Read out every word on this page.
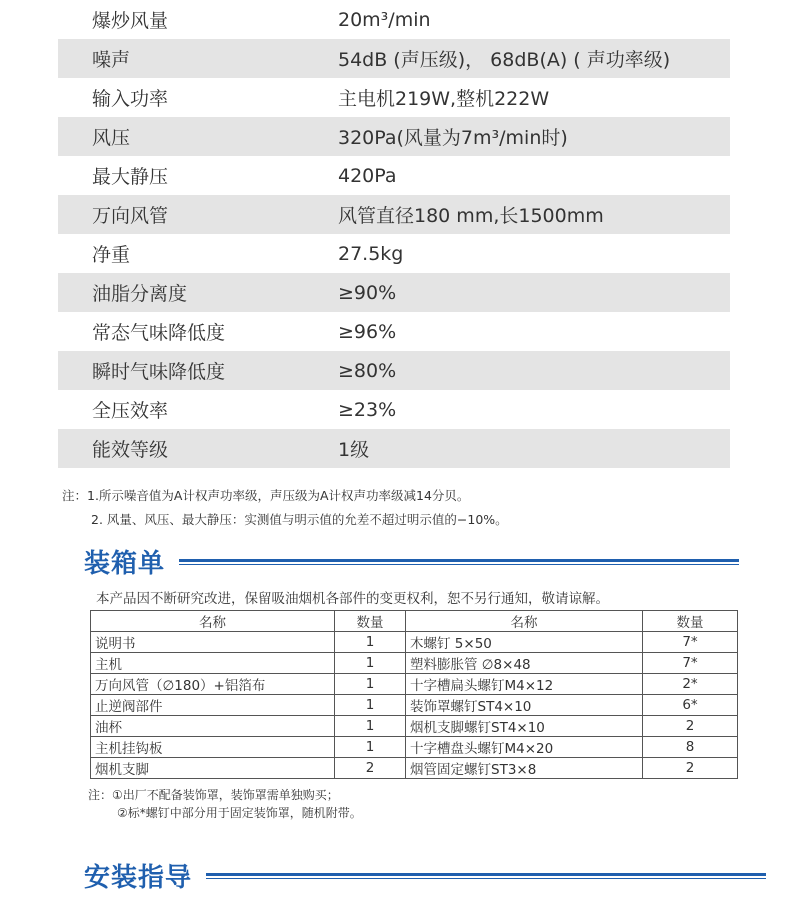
爆炒风量	20m³/min
噪声	54dB (声压级)， 68dB(A) ( 声功率级)
输入功率	主电机219W,整机222W
风压	320Pa(风量为7m³/min时)
最大静压	420Pa
万向风管	风管直径180 mm,长1500mm
净重	27.5kg
油脂分离度	≥90%
常态气味降低度	≥96%
瞬时气味降低度	≥80%
全压效率	≥23%
能效等级	1级
注：1.所示噪音值为A计权声功率级，声压级为A计权声功率级减14分贝。
2. 风量、风压、最大静压：实测值与明示值的允差不超过明示值的−10%。
装箱单
本产品因不断研究改进，保留吸油烟机各部件的变更权利，恕不另行通知，敬请谅解。
名称	数量	名称	数量
说明书	1	木螺钉 5×50	7*
主机	1	塑料膨胀管 ∅8×48	7*
万向风管（∅180）+铝箔布	1	十字槽扁头螺钉M4×12	2*
止逆阀部件	1	装饰罩螺钉ST4×10	6*
油杯	1	烟机支脚螺钉ST4×10	2
主机挂钩板	1	十字槽盘头螺钉M4×20	8
烟机支脚	2	烟管固定螺钉ST3×8	2
注：①出厂不配备装饰罩，装饰罩需单独购买；
②标*螺钉中部分用于固定装饰罩，随机附带。
安装指导
